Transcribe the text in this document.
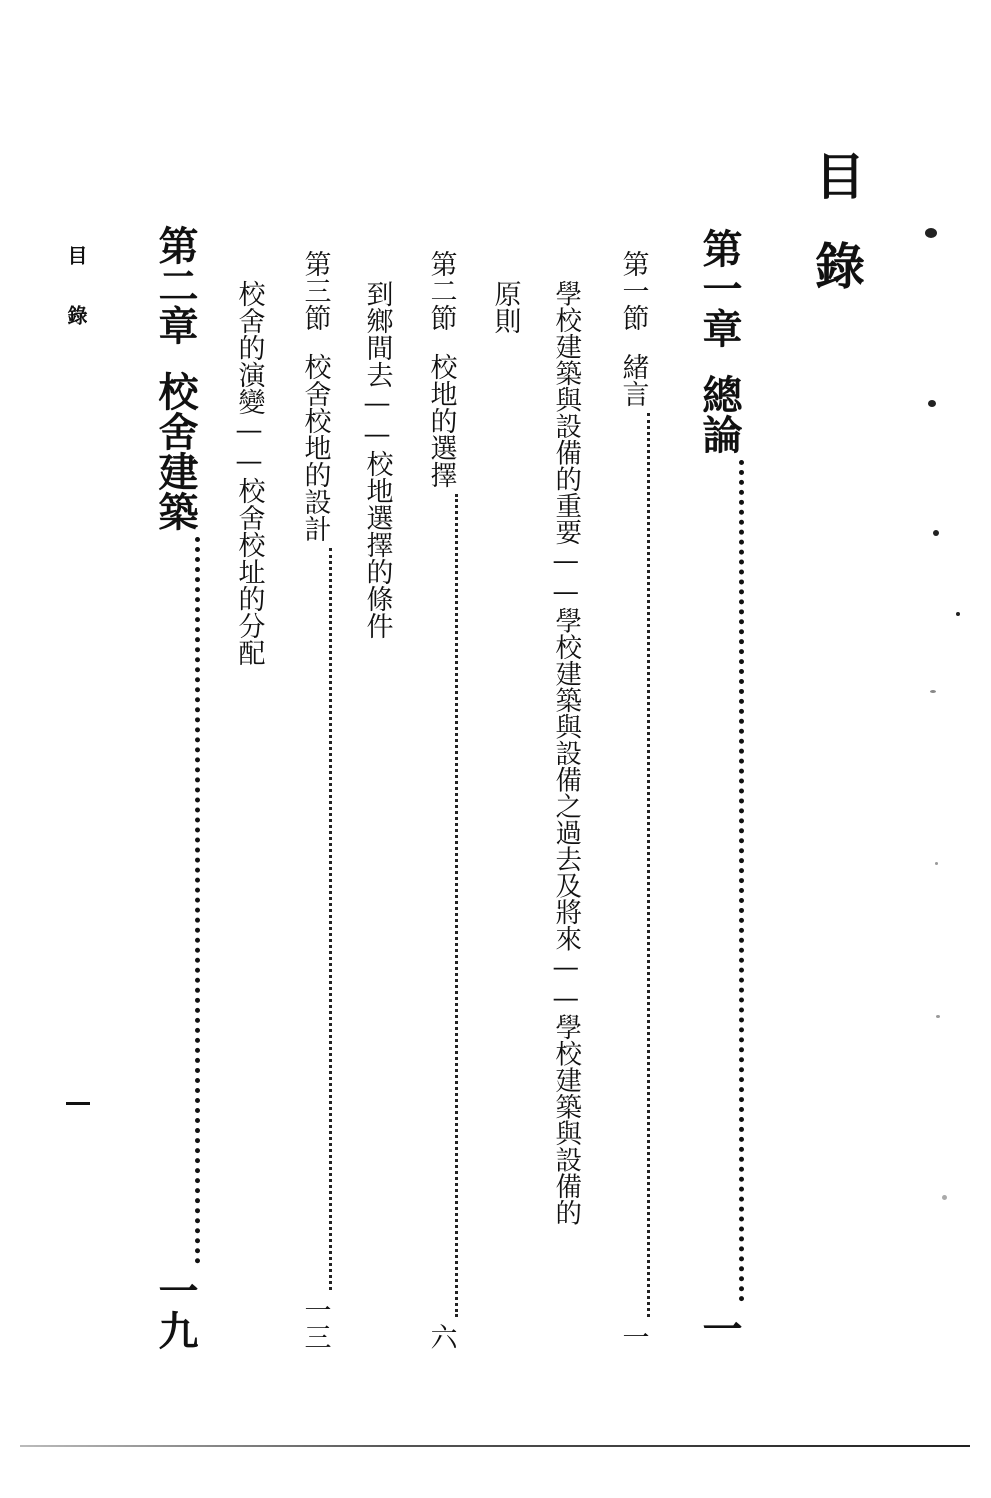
目錄
第一章
總論
一
第一節
緒言
一
學校建築與設備的重要——學校建築與設備之過去及將來——學校建築與設備的
原則
第二節
校地的選擇
六
到鄉間去——校地選擇的條件
第三節
校舍校地的設計
一三
校舍的演變——校舍校址的分配
第二章
校舍建築
一九
目錄
